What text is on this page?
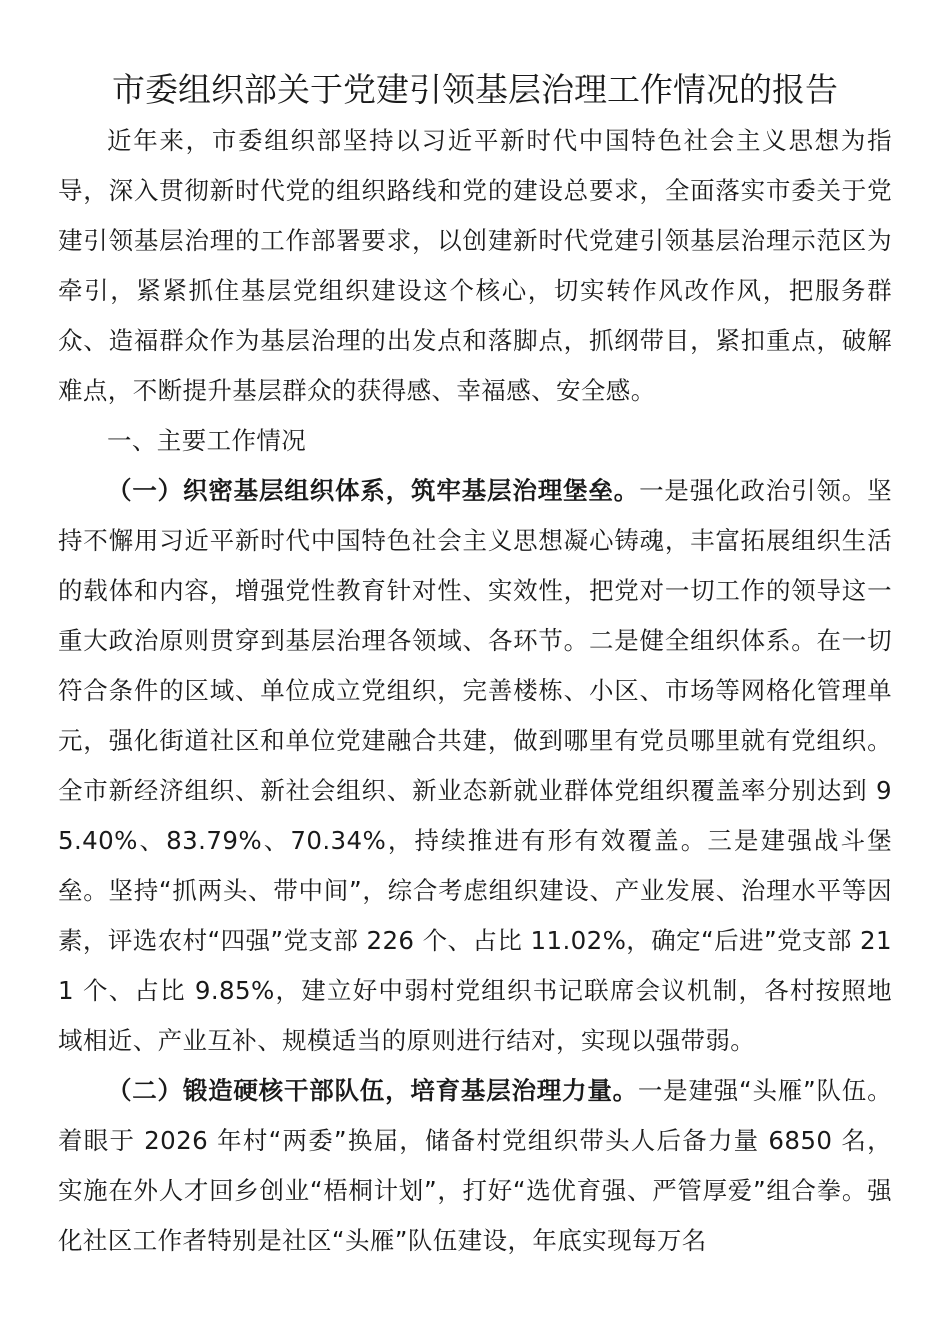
市委组织部关于党建引领基层治理工作情况的报告

近年来，市委组织部坚持以习近平新时代中国特色社会主义思想为指导，深入贯彻新时代党的组织路线和党的建设总要求，全面落实市委关于党建引领基层治理的工作部署要求，以创建新时代党建引领基层治理示范区为牵引，紧紧抓住基层党组织建设这个核心，切实转作风改作风，把服务群众、造福群众作为基层治理的出发点和落脚点，抓纲带目，紧扣重点，破解难点，不断提升基层群众的获得感、幸福感、安全感。

一、主要工作情况

（一）织密基层组织体系，筑牢基层治理堡垒。一是强化政治引领。坚持不懈用习近平新时代中国特色社会主义思想凝心铸魂，丰富拓展组织生活的载体和内容，增强党性教育针对性、实效性，把党对一切工作的领导这一重大政治原则贯穿到基层治理各领域、各环节。二是健全组织体系。在一切符合条件的区域、单位成立党组织，完善楼栋、小区、市场等网格化管理单元，强化街道社区和单位党建融合共建，做到哪里有党员哪里就有党组织。全市新经济组织、新社会组织、新业态新就业群体党组织覆盖率分别达到 95.40%、83.79%、70.34%，持续推进有形有效覆盖。三是建强战斗堡垒。坚持“抓两头、带中间”，综合考虑组织建设、产业发展、治理水平等因素，评选农村“四强”党支部 226 个、占比 11.02%，确定“后进”党支部 211 个、占比 9.85%，建立好中弱村党组织书记联席会议机制，各村按照地域相近、产业互补、规模适当的原则进行结对，实现以强带弱。

（二）锻造硬核干部队伍，培育基层治理力量。一是建强“头雁”队伍。着眼于 2026 年村“两委”换届，储备村党组织带头人后备力量 6850 名，实施在外人才回乡创业“梧桐计划”，打好“选优育强、严管厚爱”组合拳。强化社区工作者特别是社区“头雁”队伍建设，年底实现每万名
